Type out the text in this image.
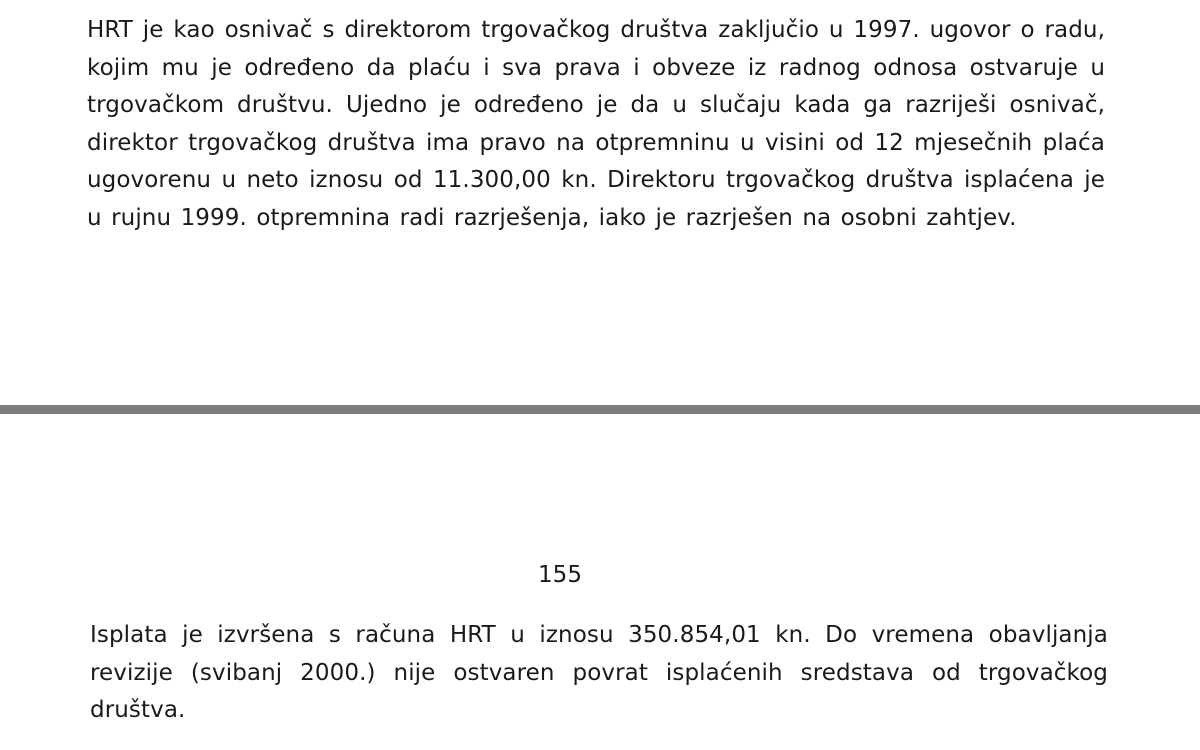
HRT je kao osnivač s direktorom trgovačkog društva zaključio u 1997. ugovor o radu, kojim mu je određeno da plaću i sva prava i obveze iz radnog odnosa ostvaruje u trgovačkom društvu. Ujedno je određeno je da u slučaju kada ga razriješi osnivač, direktor trgovačkog društva ima pravo na otpremninu u visini od 12 mjesečnih plaća ugovorenu u neto iznosu od 11.300,00 kn. Direktoru trgovačkog društva isplaćena je u rujnu 1999. otpremnina radi razrješenja, iako je razrješen na osobni zahtjev.
155
Isplata je izvršena s računa HRT u iznosu 350.854,01 kn. Do vremena obavljanja revizije (svibanj 2000.) nije ostvaren povrat isplaćenih sredstava od trgovačkog društva.
